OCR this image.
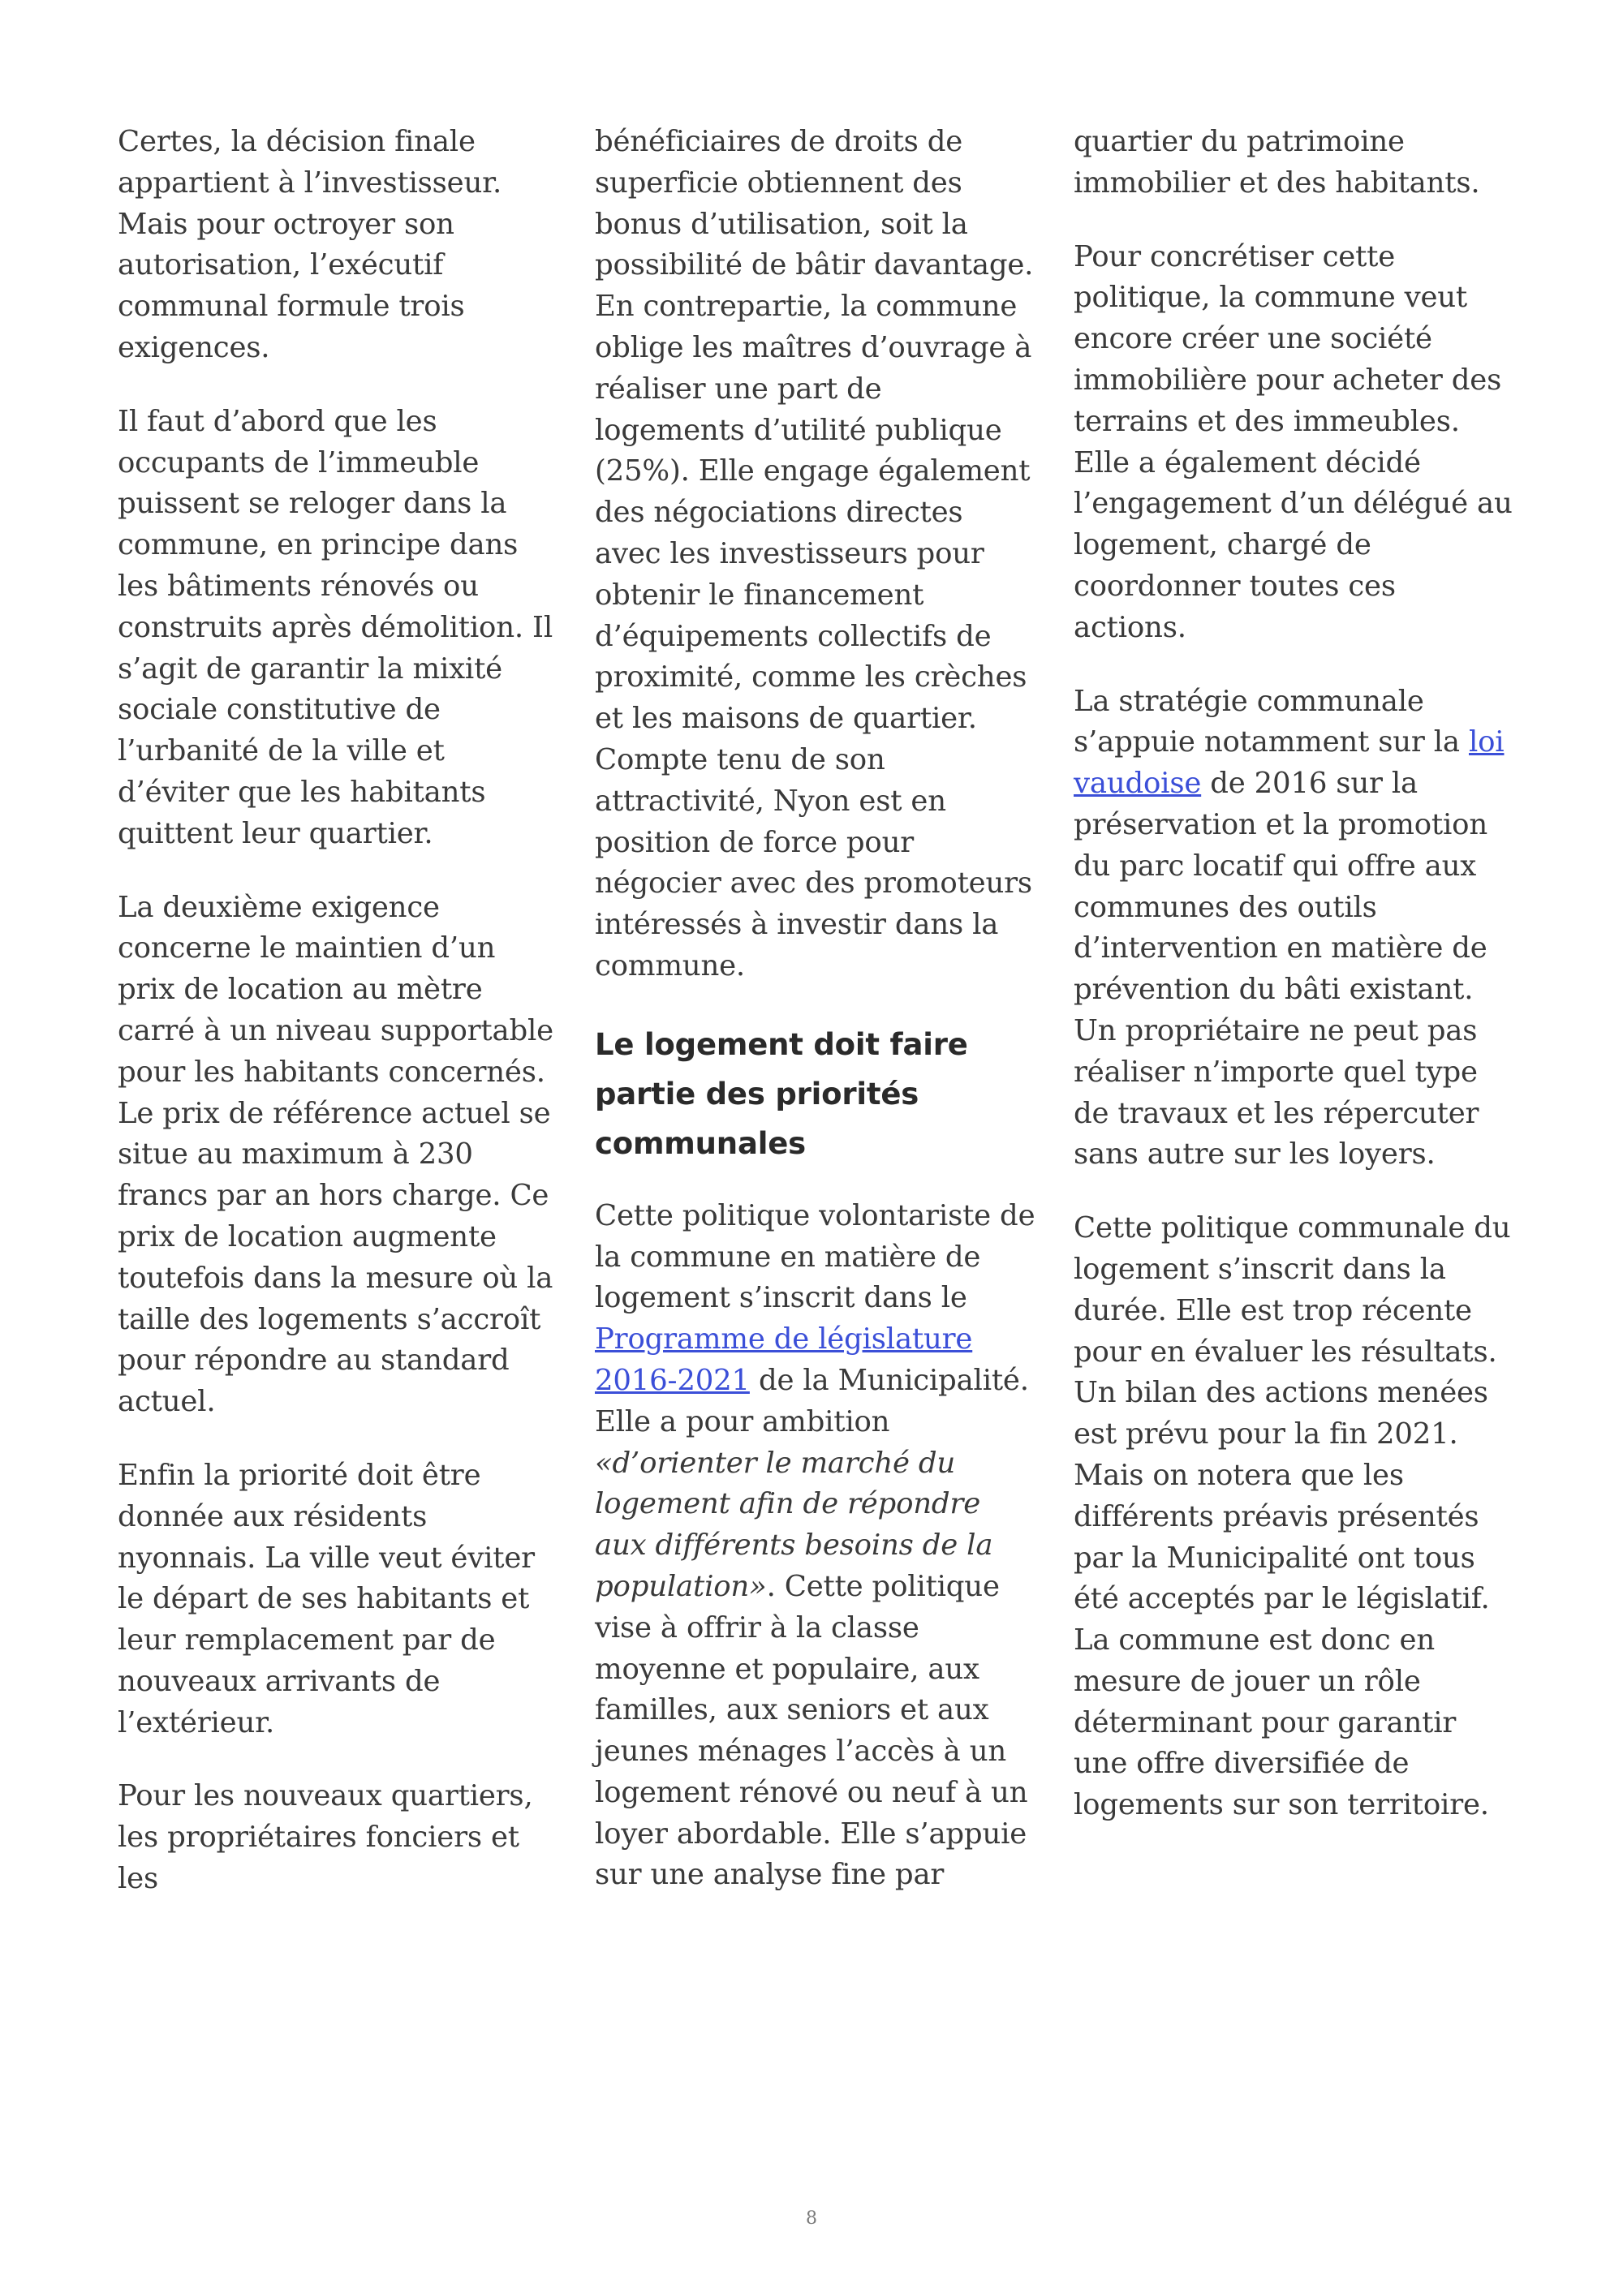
Certes, la décision finale appartient à l’investisseur. Mais pour octroyer son autorisation, l’exécutif communal formule trois exigences.

Il faut d’abord que les occupants de l’immeuble puissent se reloger dans la commune, en principe dans les bâtiments rénovés ou construits après démolition. Il s’agit de garantir la mixité sociale constitutive de l’urbanité de la ville et d’éviter que les habitants quittent leur quartier.

La deuxième exigence concerne le maintien d’un prix de location au mètre carré à un niveau supportable pour les habitants concernés. Le prix de référence actuel se situe au maximum à 230 francs par an hors charge. Ce prix de location augmente toutefois dans la mesure où la taille des logements s’accroît pour répondre au standard actuel.

Enfin la priorité doit être donnée aux résidents nyonnais. La ville veut éviter le départ de ses habitants et leur remplacement par de nouveaux arrivants de l’extérieur.

Pour les nouveaux quartiers, les propriétaires fonciers et les

bénéficiaires de droits de superficie obtiennent des bonus d’utilisation, soit la possibilité de bâtir davantage. En contrepartie, la commune oblige les maîtres d’ouvrage à réaliser une part de logements d’utilité publique (25%). Elle engage également des négociations directes avec les investisseurs pour obtenir le financement d’équipements collectifs de proximité, comme les crèches et les maisons de quartier. Compte tenu de son attractivité, Nyon est en position de force pour négocier avec des promoteurs intéressés à investir dans la commune.

Le logement doit faire partie des priorités communales

Cette politique volontariste de la commune en matière de logement s’inscrit dans le Programme de législature 2016-2021 de la Municipalité. Elle a pour ambition «d’orienter le marché du logement afin de répondre aux différents besoins de la population». Cette politique vise à offrir à la classe moyenne et populaire, aux familles, aux seniors et aux jeunes ménages l’accès à un logement rénové ou neuf à un loyer abordable. Elle s’appuie sur une analyse fine par

quartier du patrimoine immobilier et des habitants.

Pour concrétiser cette politique, la commune veut encore créer une société immobilière pour acheter des terrains et des immeubles. Elle a également décidé l’engagement d’un délégué au logement, chargé de coordonner toutes ces actions.

La stratégie communale s’appuie notamment sur la loi vaudoise de 2016 sur la préservation et la promotion du parc locatif qui offre aux communes des outils d’intervention en matière de prévention du bâti existant. Un propriétaire ne peut pas réaliser n’importe quel type de travaux et les répercuter sans autre sur les loyers.

Cette politique communale du logement s’inscrit dans la durée. Elle est trop récente pour en évaluer les résultats. Un bilan des actions menées est prévu pour la fin 2021. Mais on notera que les différents préavis présentés par la Municipalité ont tous été acceptés par le législatif. La commune est donc en mesure de jouer un rôle déterminant pour garantir une offre diversifiée de logements sur son territoire.

8
